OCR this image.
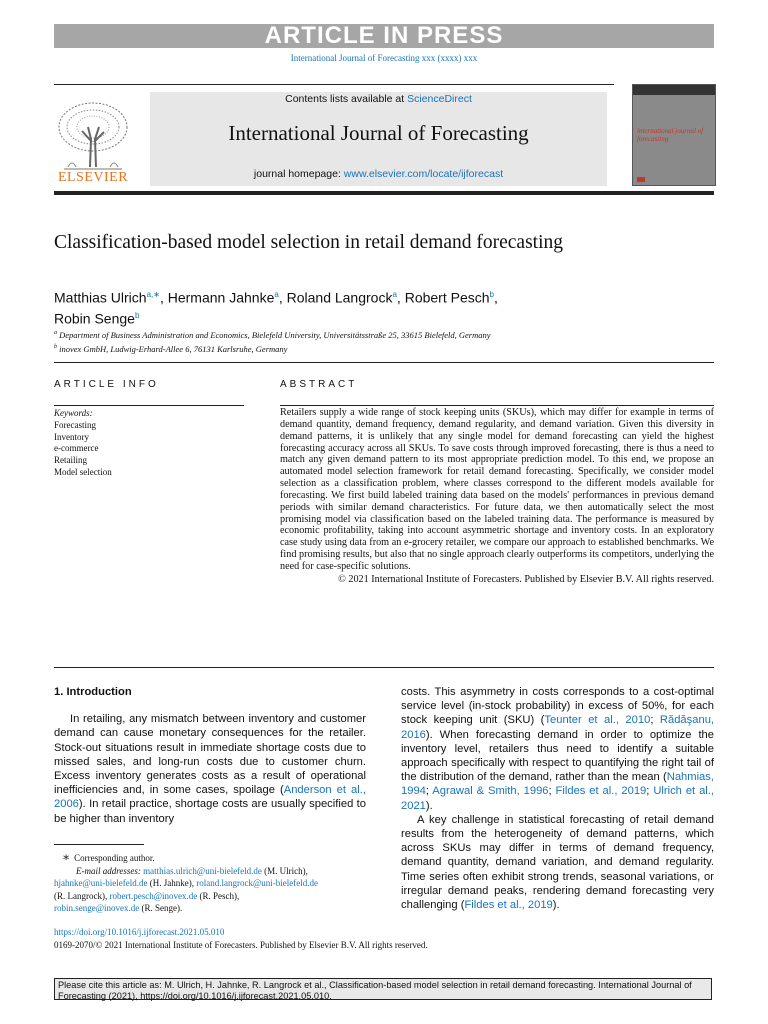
ARTICLE IN PRESS
International Journal of Forecasting xxx (xxxx) xxx
Contents lists available at ScienceDirect
International Journal of Forecasting
journal homepage: www.elsevier.com/locate/ijforecast
ELSEVIER
international journal of forecasting
Classification-based model selection in retail demand forecasting
Matthias Ulrich$^{a,∗}$, Hermann Jahnke$^a$, Roland Langrock$^a$, Robert Pesch$^b$,
Robin Senge$^b$
$^a$ Department of Business Administration and Economics, Bielefeld University, Universitätsstraße 25, 33615 Bielefeld, Germany
$^b$ inovex GmbH, Ludwig-Erhard-Allee 6, 76131 Karlsruhe, Germany
ARTICLE INFO	ABSTRACT
Keywords:
Forecasting
Inventory
e-commerce
Retailing
Model selection
Retailers supply a wide range of stock keeping units (SKUs), which may differ for example in terms of demand quantity, demand frequency, demand regularity, and demand variation. Given this diversity in demand patterns, it is unlikely that any single model for demand forecasting can yield the highest forecasting accuracy across all SKUs. To save costs through improved forecasting, there is thus a need to match any given demand pattern to its most appropriate prediction model. To this end, we propose an automated model selection framework for retail demand forecasting. Specifically, we consider model selection as a classification problem, where classes correspond to the different models available for forecasting. We first build labeled training data based on the models' performances in previous demand periods with similar demand characteristics. For future data, we then automatically select the most promising model via classification based on the labeled training data. The performance is measured by economic profitability, taking into account asymmetric shortage and inventory costs. In an exploratory case study using data from an e-grocery retailer, we compare our approach to established benchmarks. We find promising results, but also that no single approach clearly outperforms its competitors, underlying the need for case-specific solutions.
© 2021 International Institute of Forecasters. Published by Elsevier B.V. All rights reserved.

1. Introduction

In retailing, any mismatch between inventory and customer demand can cause monetary consequences for the retailer. Stock-out situations result in immediate shortage costs due to missed sales, and long-run costs due to customer churn. Excess inventory generates costs as a result of operational inefficiencies and, in some cases, spoilage (Anderson et al., 2006). In retail practice, shortage costs are usually specified to be higher than inventory

costs. This asymmetry in costs corresponds to a cost-optimal service level (in-stock probability) in excess of 50%, for each stock keeping unit (SKU) (Teunter et al., 2010; Rădăşanu, 2016). When forecasting demand in order to optimize the inventory level, retailers thus need to identify a suitable approach specifically with respect to quantifying the right tail of the distribution of the demand, rather than the mean (Nahmias, 1994; Agrawal & Smith, 1996; Fildes et al., 2019; Ulrich et al., 2021).

A key challenge in statistical forecasting of retail demand results from the heterogeneity of demand patterns, which across SKUs may differ in terms of demand frequency, demand quantity, demand variation, and demand regularity. Time series often exhibit strong trends, seasonal variations, or irregular demand peaks, rendering demand forecasting very challenging (Fildes et al., 2019).

∗ Corresponding author.
E-mail addresses: matthias.ulrich@uni-bielefeld.de (M. Ulrich),
hjahnke@uni-bielefeld.de (H. Jahnke), roland.langrock@uni-bielefeld.de
(R. Langrock), robert.pesch@inovex.de (R. Pesch),
robin.senge@inovex.de (R. Senge).
https://doi.org/10.1016/j.ijforecast.2021.05.010
0169-2070/© 2021 International Institute of Forecasters. Published by Elsevier B.V. All rights reserved.
Please cite this article as: M. Ulrich, H. Jahnke, R. Langrock et al., Classification-based model selection in retail demand forecasting. International Journal of Forecasting (2021), https://doi.org/10.1016/j.ijforecast.2021.05.010.
